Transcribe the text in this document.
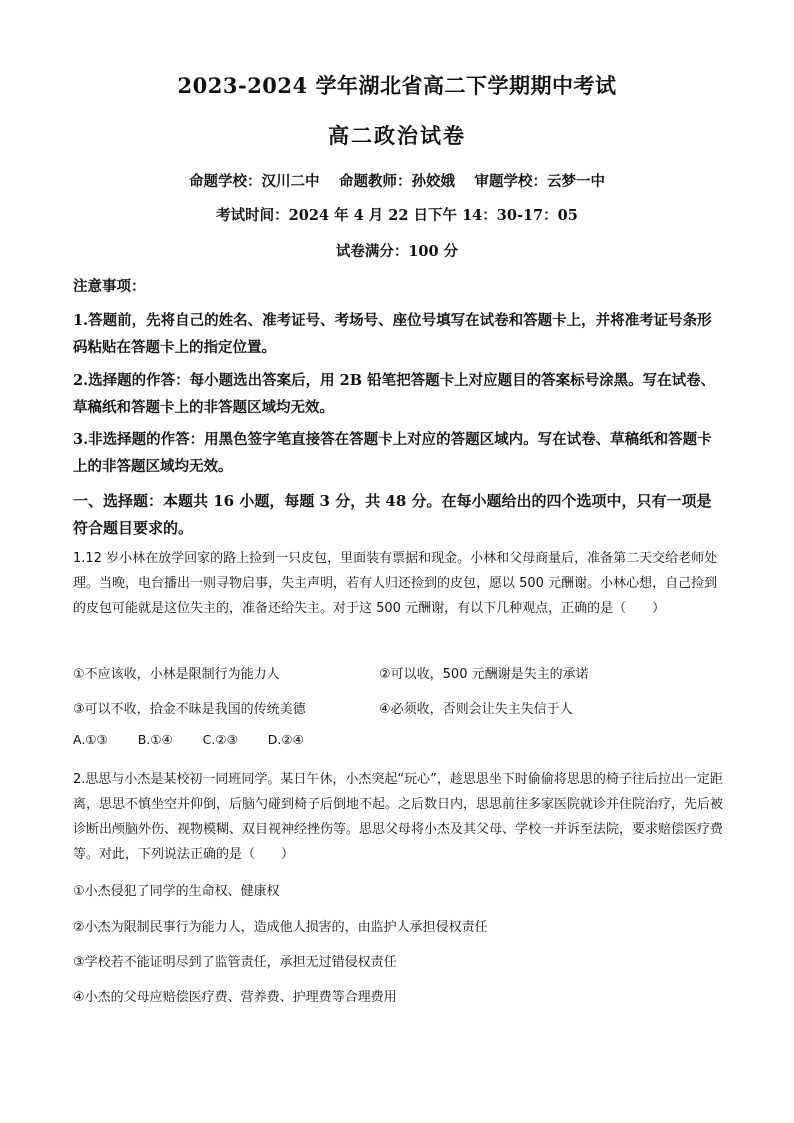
2023-2024 学年湖北省高二下学期期中考试
高二政治试卷
命题学校：汉川二中　 命题教师：孙姣娥　 审题学校：云梦一中
考试时间：2024 年 4 月 22 日下午 14：30-17：05
试卷满分：100 分
注意事项：
1.答题前，先将自己的姓名、准考证号、考场号、座位号填写在试卷和答题卡上，并将准考证号条形码粘贴在答题卡上的指定位置。
2.选择题的作答：每小题选出答案后，用 2B 铅笔把答题卡上对应题目的答案标号涂黑。写在试卷、草稿纸和答题卡上的非答题区域均无效。
3.非选择题的作答：用黑色签字笔直接答在答题卡上对应的答题区域内。写在试卷、草稿纸和答题卡上的非答题区域均无效。
一、选择题：本题共 16 小题，每题 3 分，共 48 分。在每小题给出的四个选项中，只有一项是符合题目要求的。
1.12 岁小林在放学回家的路上捡到一只皮包，里面装有票据和现金。小林和父母商量后，准备第二天交给老师处理。当晚，电台播出一则寻物启事，失主声明，若有人归还捡到的皮包，愿以 500 元酬谢。小林心想，自己捡到的皮包可能就是这位失主的，准备还给失主。对于这 500 元酬谢，有以下几种观点，正确的是（　　）
①不应该收，小林是限制行为能力人	②可以收，500 元酬谢是失主的承诺
③可以不收，拾金不昧是我国的传统美德	④必须收，否则会让失主失信于人
A.①③ B.①④ C.②③ D.②④
2.思思与小杰是某校初一同班同学。某日午休，小杰突起“玩心”，趁思思坐下时偷偷将思思的椅子往后拉出一定距离，思思不慎坐空并仰倒，后脑勺碰到椅子后倒地不起。之后数日内，思思前往多家医院就诊并住院治疗，先后被诊断出颅脑外伤、视物模糊、双目视神经挫伤等。思思父母将小杰及其父母、学校一并诉至法院，要求赔偿医疗费等。对此，下列说法正确的是（　　）
①小杰侵犯了同学的生命权、健康权
②小杰为限制民事行为能力人，造成他人损害的，由监护人承担侵权责任
③学校若不能证明尽到了监管责任，承担无过错侵权责任
④小杰的父母应赔偿医疗费、营养费、护理费等合理费用
